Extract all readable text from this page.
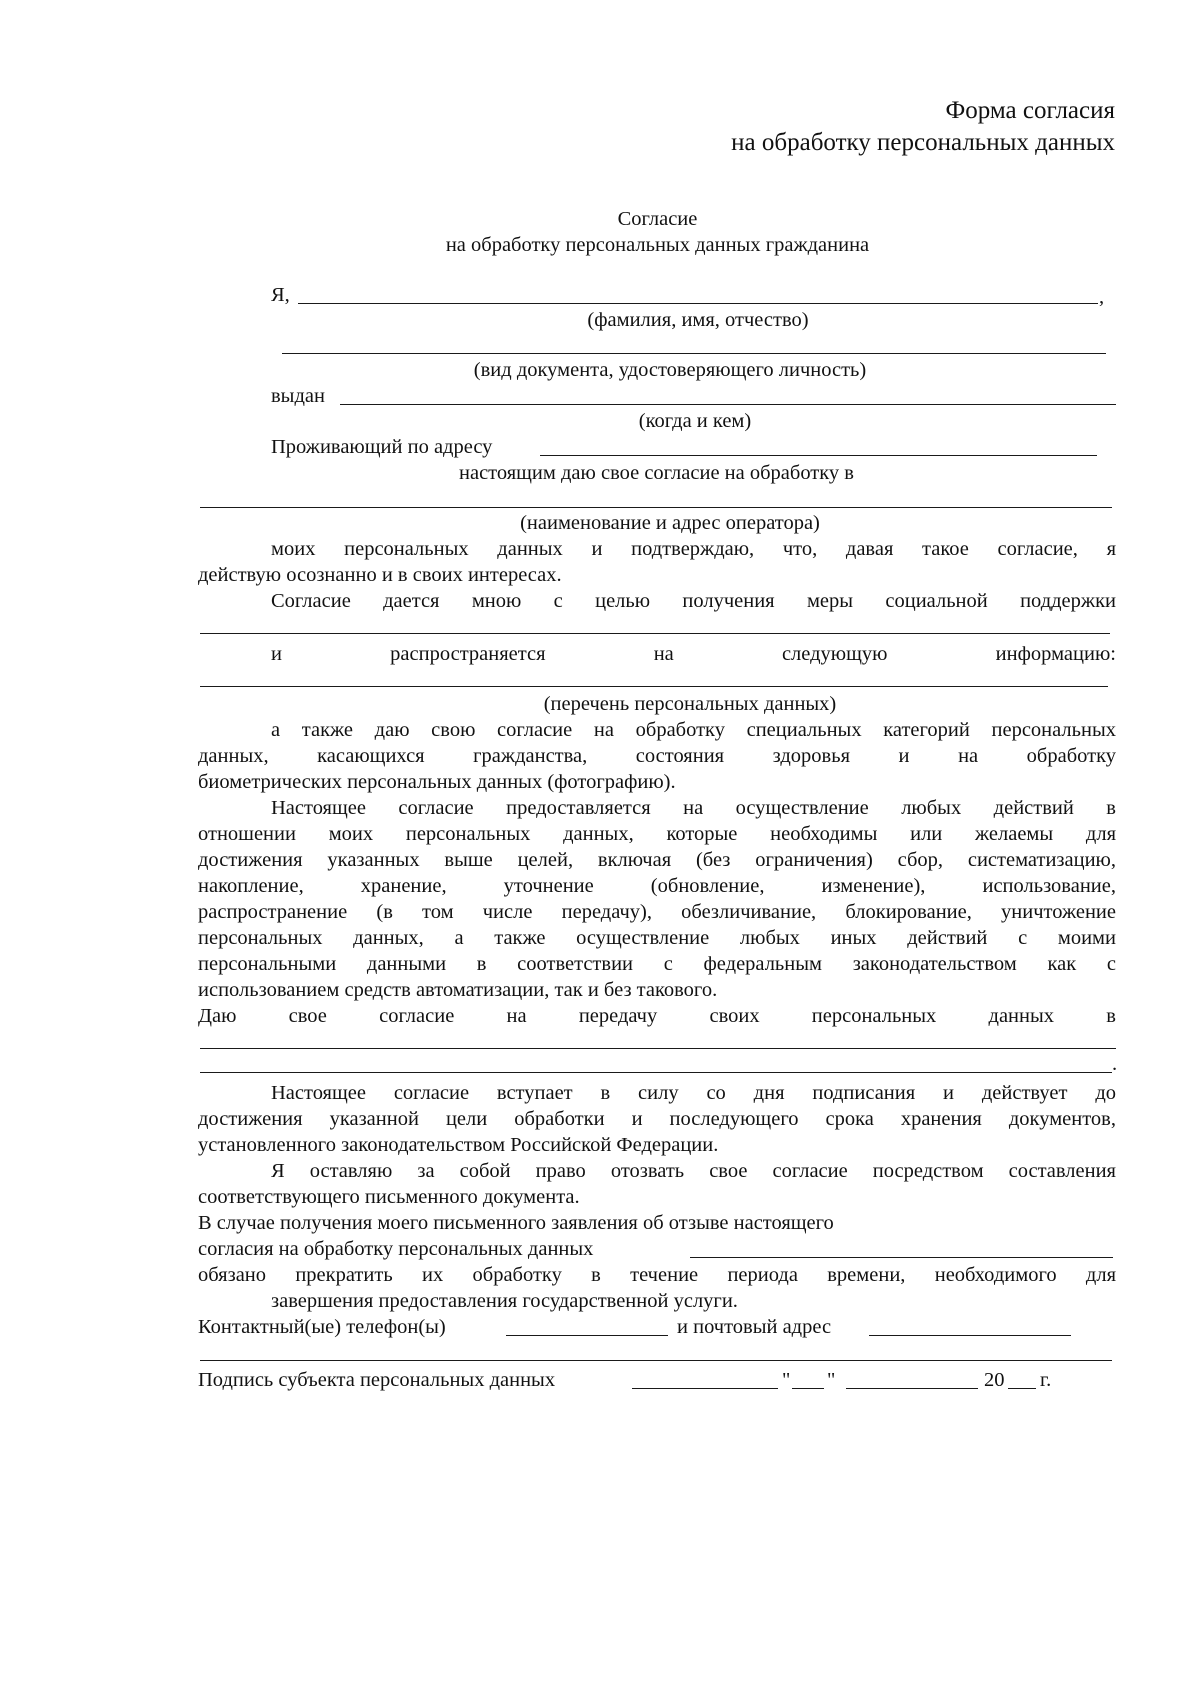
Форма согласия
на обработку персональных данных
Согласие
на обработку персональных данных гражданина
Я,	,
(фамилия, имя, отчество)
(вид документа, удостоверяющего личность)
выдан
(когда и кем)
Проживающий по адресу
настоящим даю свое согласие на обработку в
(наименование и адрес оператора)
моих персональных данных и подтверждаю, что, давая такое согласие, я
действую осознанно и в своих интересах.
Согласие дается мною с целью получения меры социальной поддержки
и	распространяется	на	следующую	информацию:
(перечень персональных данных)
а также даю свою согласие на обработку специальных категорий персональных
данных, касающихся гражданства, состояния здоровья и на обработку
биометрических персональных данных (фотографию).
Настоящее согласие предоставляется на осуществление любых действий в
отношении моих персональных данных, которые необходимы или желаемы для
достижения указанных выше целей, включая (без ограничения) сбор, систематизацию,
накопление, хранение, уточнение (обновление, изменение), использование,
распространение (в том числе передачу), обезличивание, блокирование, уничтожение
персональных данных, а также осуществление любых иных действий с моими
персональными данными в соответствии с федеральным законодательством как с
использованием средств автоматизации, так и без такового.
Даю	свое	согласие	на	передачу	своих	персональных	данных	в
.
Настоящее согласие вступает в силу со дня подписания и действует до
достижения указанной цели обработки и последующего срока хранения документов,
установленного законодательством Российской Федерации.
Я оставляю за собой право отозвать свое согласие посредством составления
соответствующего письменного документа.
В случае получения моего письменного заявления об отзыве настоящего
согласия на обработку персональных данных
обязано прекратить их обработку в течение периода времени, необходимого для
завершения предоставления государственной услуги.
Контактный(ые) телефон(ы)	и почтовый адрес
Подпись субъекта персональных данных	" "	20 г.
